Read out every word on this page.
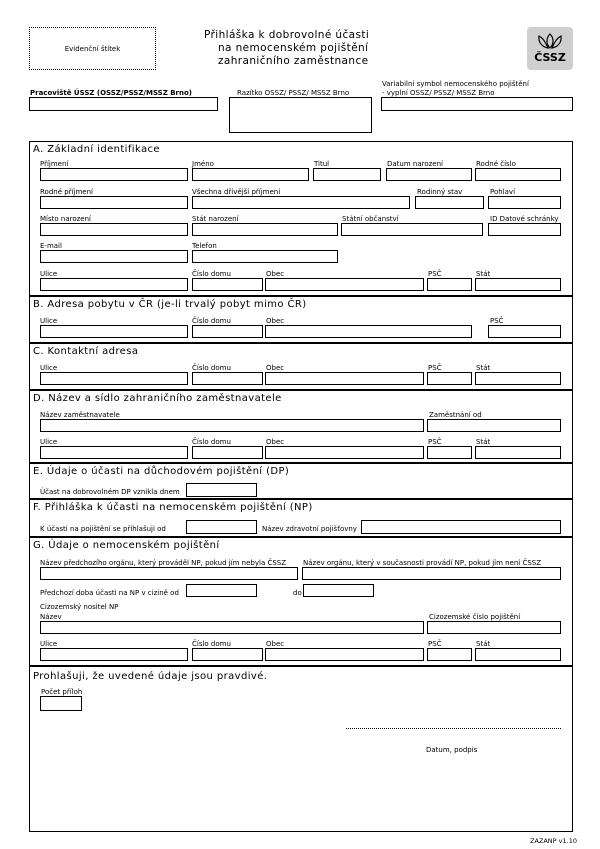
Evidenční štítek
Přihláška k dobrovolné účasti
na nemocenském pojištění
zahraničního zaměstnance	ČSSZ
Pracoviště ÚSSZ (OSSZ/PSSZ/MSSZ Brno)	Razítko OSSZ/ PSSZ/ MSSZ Brno
Variabilní symbol nemocenského pojištění
- vyplní OSSZ/ PSSZ/ MSSZ Brno
A. Základní identifikace
Příjmení	Jméno	Titul	Datum narození	Rodné číslo
Rodné příjmení	Všechna dřívější příjmení	Rodinný stav	Pohlaví
Místo narození	Stát narození	Státní občanství	ID Datové schránky
E-mail	Telefon
Ulice	Číslo domu	Obec	PSČ	Stát
B. Adresa pobytu v ČR (je-li trvalý pobyt mimo ČR)
Ulice	Číslo domu	Obec	PSČ
C. Kontaktní adresa
Ulice	Číslo domu	Obec	PSČ	Stát
D. Název a sídlo zahraničního zaměstnavatele
Název zaměstnavatele	Zaměstnání od
Ulice	Číslo domu	Obec	PSČ	Stát
E. Údaje o účasti na důchodovém pojištění (DP)
Účast na dobrovolném DP vznikla dnem
F. Přihláška k účasti na nemocenském pojištění (NP)
K účasti na pojištění se přihlašuji od	Název zdravotní pojišťovny
G. Údaje o nemocenském pojištění
Název předchozího orgánu, který prováděl NP, pokud jím nebyla ČSSZ Název orgánu, který v současnosti provádí NP, pokud jím není ČSSZ
Předchozí doba účasti na NP v cizině od	do
Cizozemský nositel NP
Název	Cizozemské číslo pojištění
Ulice	Číslo domu	Obec	PSČ	Stát
Prohlašuji, že uvedené údaje jsou pravdivé.
Počet příloh
Datum, podpis
ZAZANP v1.10
